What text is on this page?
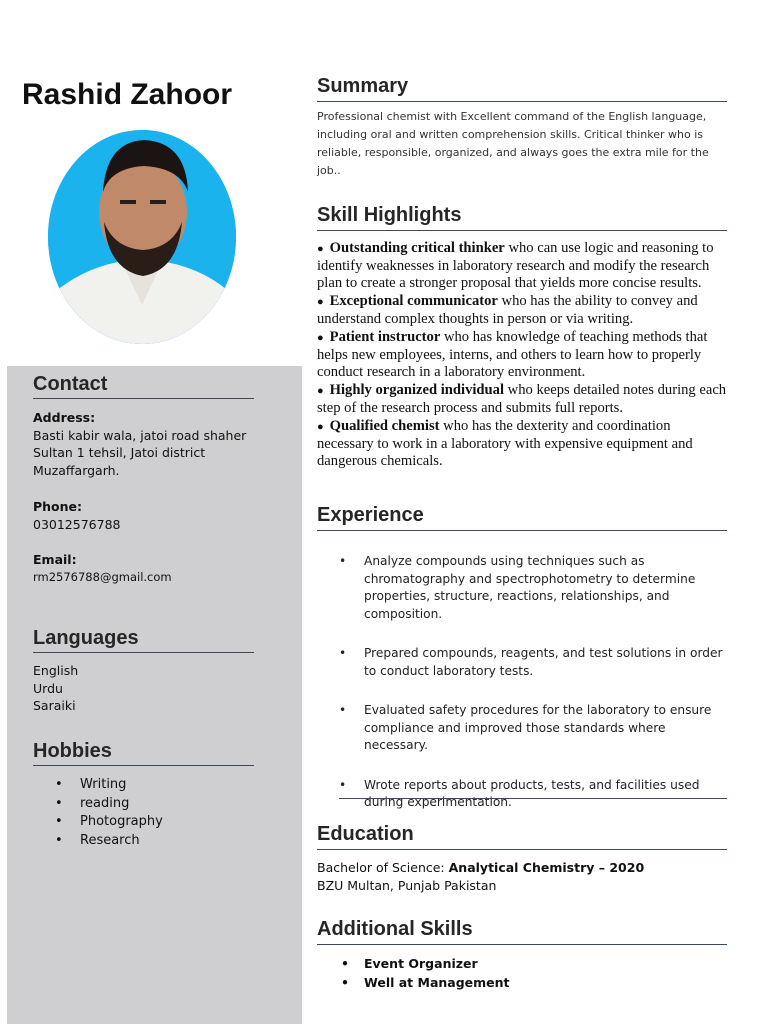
Rashid Zahoor
Contact
Address:
Basti kabir wala, jatoi road shaher
Sultan 1 tehsil, Jatoi district
Muzaffargarh.
Phone:
03012576788
Email:
rm2576788@gmail.com
Languages
English
Urdu
Saraiki
Hobbies
• Writing
• reading
• Photography
• Research
Summary

Professional chemist with Excellent command of the English language, including oral and written comprehension skills. Critical thinker who is reliable, responsible, organized, and always goes the extra mile for the job..

Skill Highlights
● Outstanding critical thinker who can use logic and reasoning to identify weaknesses in laboratory research and modify the research plan to create a stronger proposal that yields more concise results.
● Exceptional communicator who has the ability to convey and understand complex thoughts in person or via writing.
● Patient instructor who has knowledge of teaching methods that helps new employees, interns, and others to learn how to properly conduct research in a laboratory environment.
● Highly organized individual who keeps detailed notes during each step of the research process and submits full reports.
● Qualified chemist who has the dexterity and coordination necessary to work in a laboratory with expensive equipment and dangerous chemicals.
Experience
• Analyze compounds using techniques such as chromatography and spectrophotometry to determine properties, structure, reactions, relationships, and composition.
• Prepared compounds, reagents, and test solutions in order to conduct laboratory tests.
• Evaluated safety procedures for the laboratory to ensure compliance and improved those standards where necessary.
• Wrote reports about products, tests, and facilities used during experimentation.
Education
Bachelor of Science: Analytical Chemistry – 2020
BZU Multan, Punjab Pakistan
Additional Skills
• Event Organizer
• Well at Management
